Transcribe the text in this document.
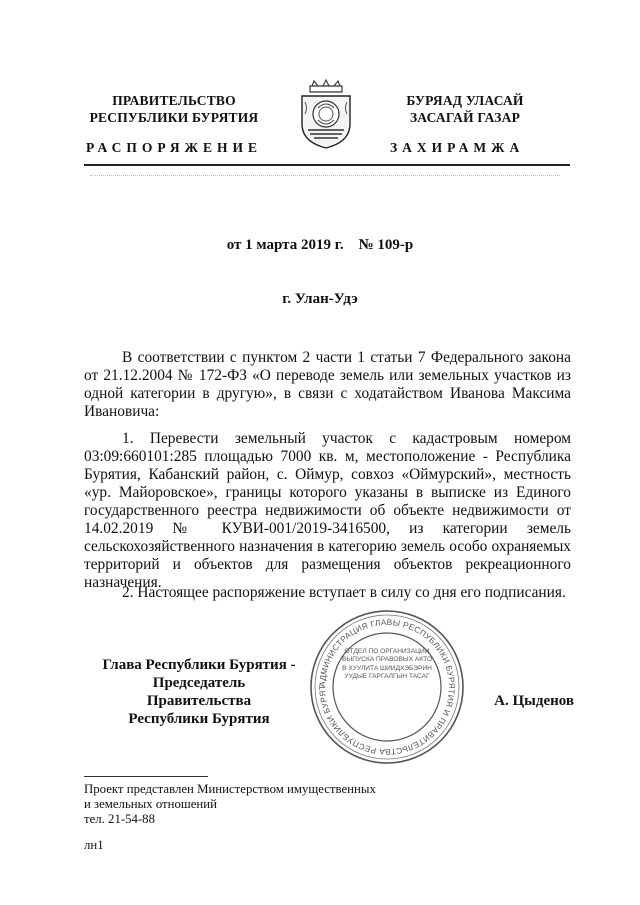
ПРАВИТЕЛЬСТВО
РЕСПУБЛИКИ БУРЯТИЯ
БУРЯАД УЛАСАЙ
ЗАСАГАЙ ГАЗАР
РАСПОРЯЖЕНИЕ	ЗАХИРАМЖА
от 1 марта 2019 г.    № 109-р
г. Улан-Удэ
В соответствии с пунктом 2 части 1 статьи 7 Федерального закона от 21.12.2004 № 172-ФЗ «О переводе земель или земельных участков из одной категории в другую», в связи с ходатайством Иванова Максима Ивановича:
1. Перевести земельный участок с кадастровым номером 03:09:660101:285 площадью 7000 кв. м, местоположение - Республика Бурятия, Кабанский район, с. Оймур, совхоз «Оймурский», местность «ур. Майоровское», границы которого указаны в выписке из Единого государственного реестра недвижимости об объекте недвижимости от 14.02.2019 № КУВИ-001/2019-3416500, из категории земель сельскохозяйственного назначения в категорию земель особо охраняемых территорий и объектов для размещения объектов рекреационного назначения.
2. Настоящее распоряжение вступает в силу со дня его подписания.
Глава Республики Бурятия -
Председатель Правительства
Республики Бурятия
АДМИНИСТРАЦИЯ ГЛАВЫ РЕСПУБЛИКИ БУРЯТИЯ И ПРАВИТЕЛЬСТВА РЕСПУБЛИКИ БУРЯТ
ОТДЕЛ ПО ОРГАНИЗАЦИИ ВЫПУСКА ПРАВОВЫХ АКТОВ ХУУЛИТА ШИИДХЭБЭРИНУУДЫЕ ГАРГАЛГЫН ТАСАГ
А. Цыденов
Проект представлен Министерством имущественных
и земельных отношений
тел. 21-54-88
лн1
